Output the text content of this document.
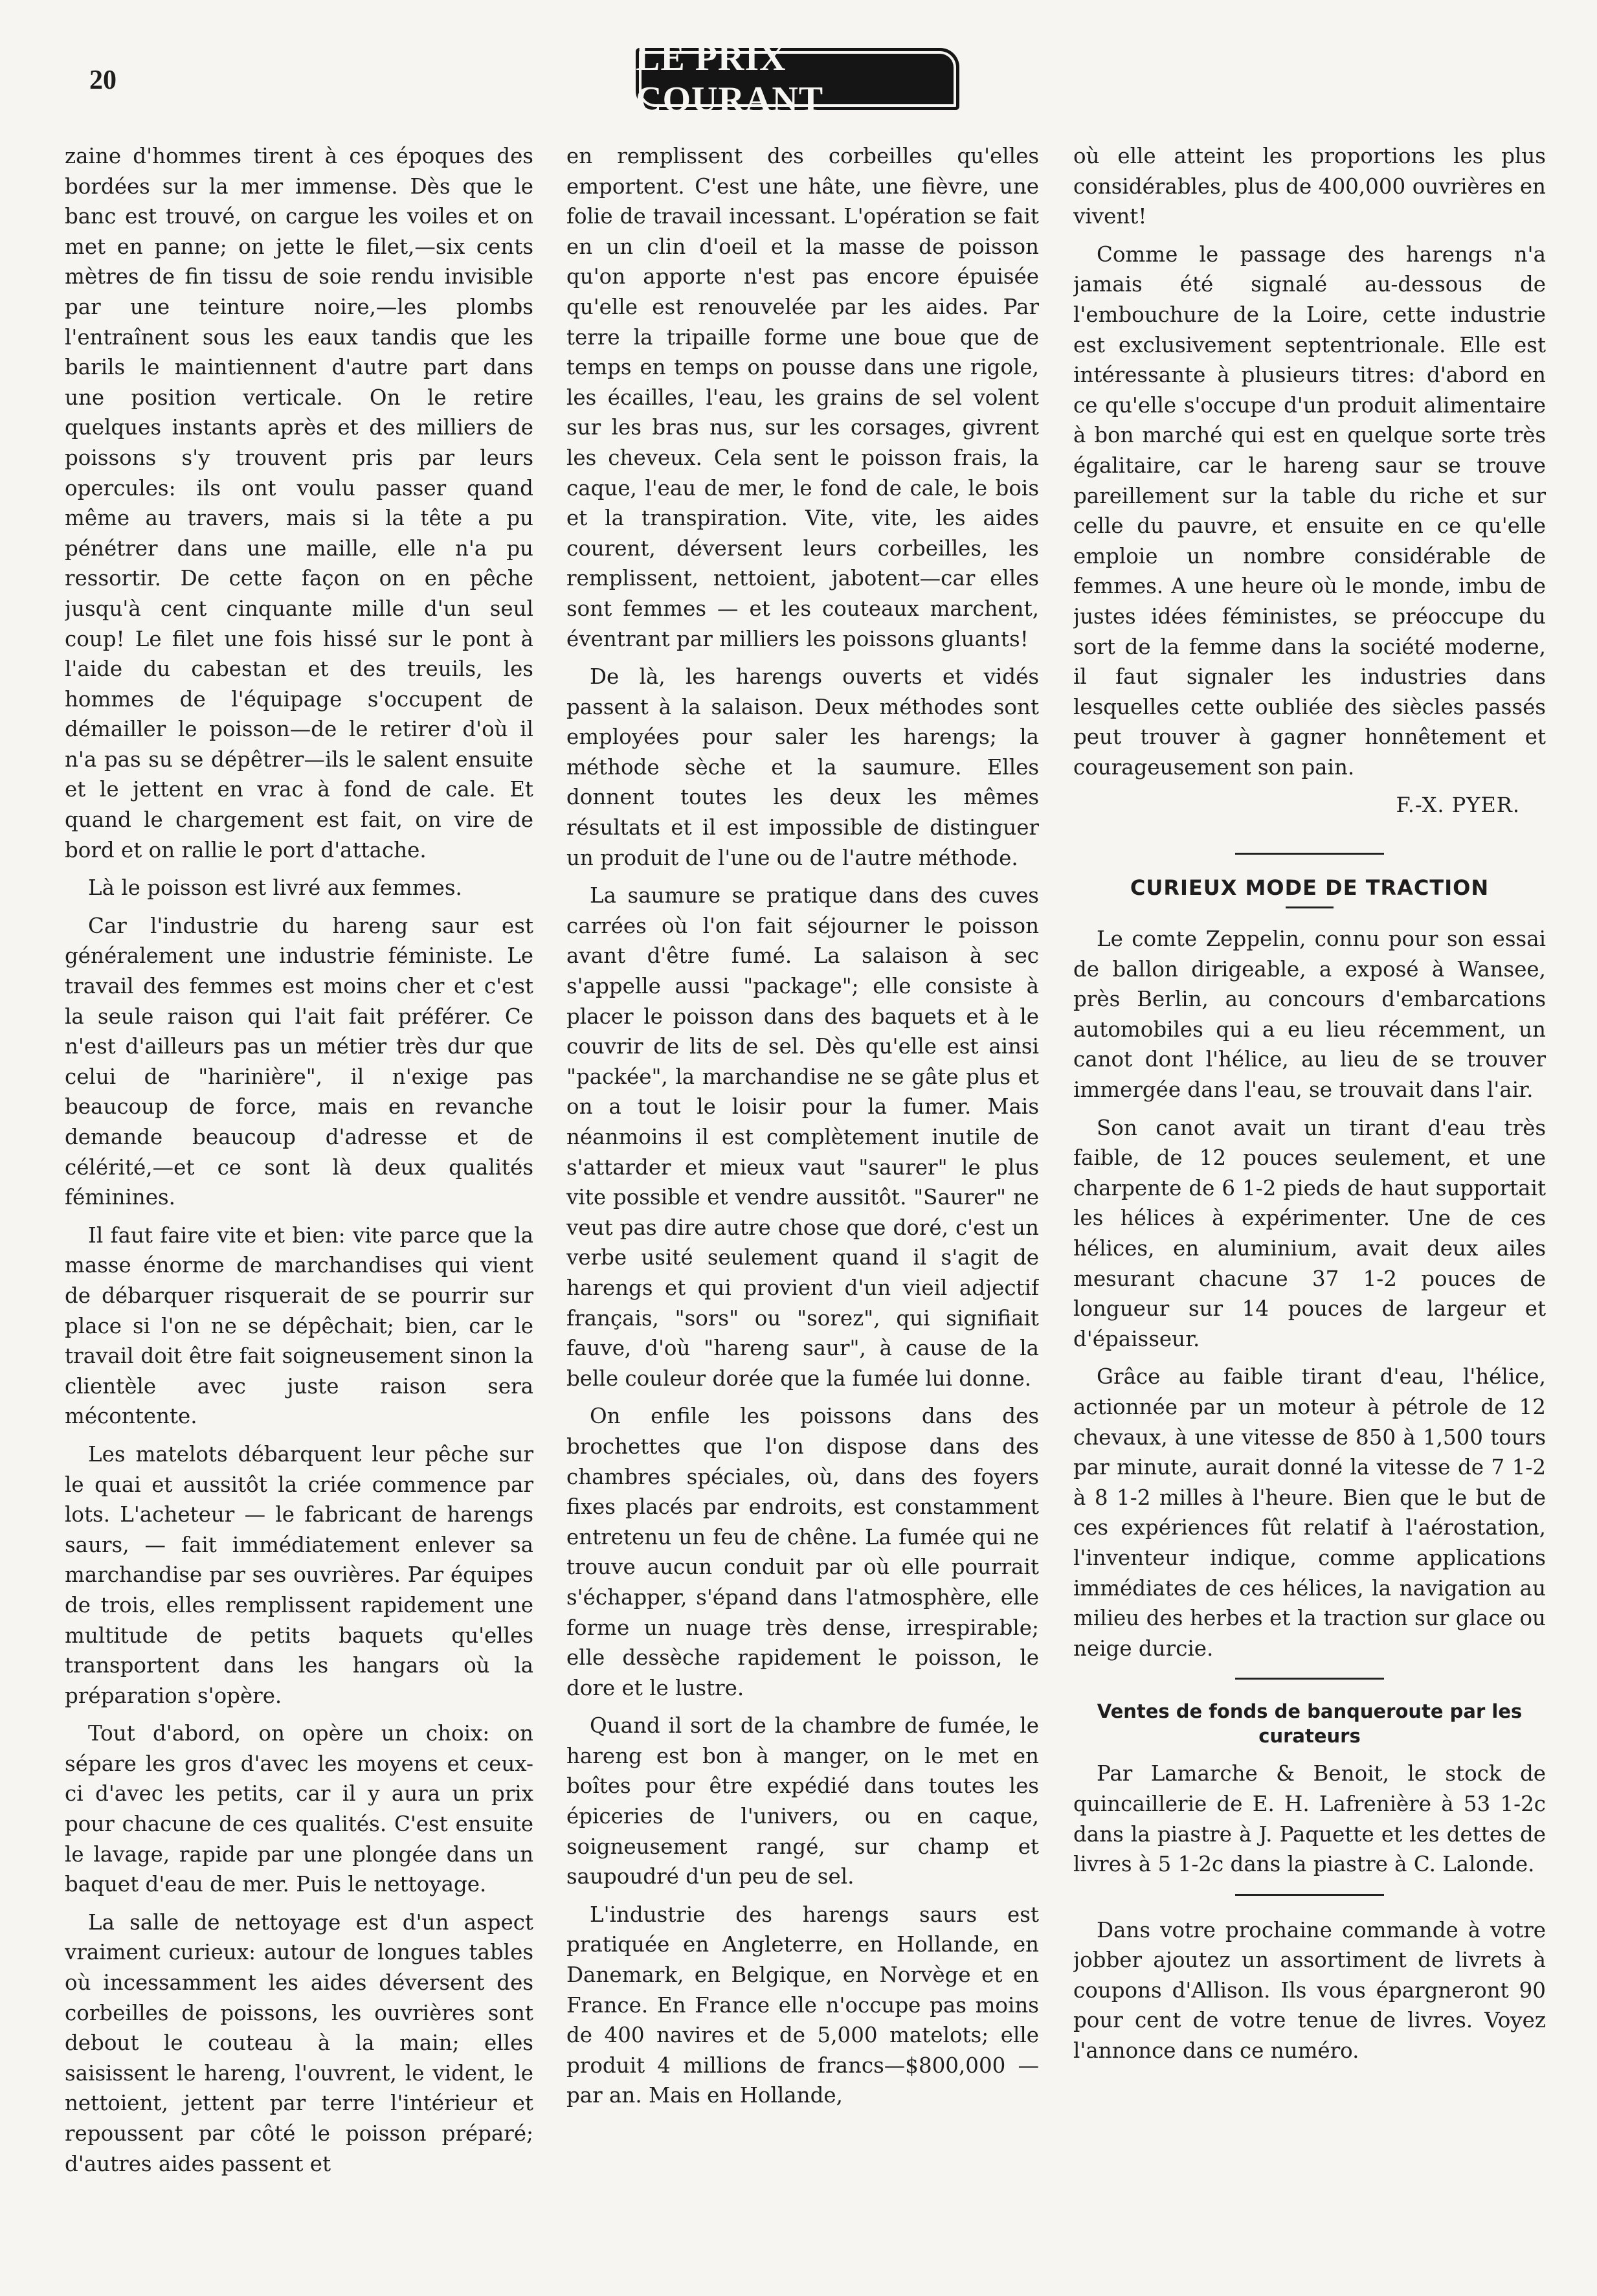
20
LE PRIX COURANT

zaine d'hommes tirent à ces époques des bordées sur la mer immense. Dès que le banc est trouvé, on cargue les voiles et on met en panne; on jette le filet,—six cents mètres de fin tissu de soie rendu invisible par une teinture noire,—les plombs l'entraînent sous les eaux tandis que les barils le maintiennent d'autre part dans une position verticale. On le retire quelques instants après et des milliers de poissons s'y trouvent pris par leurs opercules: ils ont voulu passer quand même au travers, mais si la tête a pu pénétrer dans une maille, elle n'a pu ressortir. De cette façon on en pêche jusqu'à cent cinquante mille d'un seul coup! Le filet une fois hissé sur le pont à l'aide du cabestan et des treuils, les hommes de l'équipage s'occupent de démailler le poisson—de le retirer d'où il n'a pas su se dépêtrer—ils le salent ensuite et le jettent en vrac à fond de cale. Et quand le chargement est fait, on vire de bord et on rallie le port d'attache.

Là le poisson est livré aux femmes.

Car l'industrie du hareng saur est généralement une industrie féministe. Le travail des femmes est moins cher et c'est la seule raison qui l'ait fait préférer. Ce n'est d'ailleurs pas un métier très dur que celui de "harinière", il n'exige pas beaucoup de force, mais en revanche demande beaucoup d'adresse et de célérité,—et ce sont là deux qualités féminines.

Il faut faire vite et bien: vite parce que la masse énorme de marchandises qui vient de débarquer risquerait de se pourrir sur place si l'on ne se dépêchait; bien, car le travail doit être fait soigneusement sinon la clientèle avec juste raison sera mécontente.

Les matelots débarquent leur pêche sur le quai et aussitôt la criée commence par lots. L'acheteur — le fabricant de harengs saurs, — fait immédiatement enlever sa marchandise par ses ouvrières. Par équipes de trois, elles remplissent rapidement une multitude de petits baquets qu'elles transportent dans les hangars où la préparation s'opère.

Tout d'abord, on opère un choix: on sépare les gros d'avec les moyens et ceux-ci d'avec les petits, car il y aura un prix pour chacune de ces qualités. C'est ensuite le lavage, rapide par une plongée dans un baquet d'eau de mer. Puis le nettoyage.

La salle de nettoyage est d'un aspect vraiment curieux: autour de longues tables où incessamment les aides déversent des corbeilles de poissons, les ouvrières sont debout le couteau à la main; elles saisissent le hareng, l'ouvrent, le vident, le nettoient, jettent par terre l'intérieur et repoussent par côté le poisson préparé; d'autres aides passent et

en remplissent des corbeilles qu'elles emportent. C'est une hâte, une fièvre, une folie de travail incessant. L'opération se fait en un clin d'oeil et la masse de poisson qu'on apporte n'est pas encore épuisée qu'elle est renouvelée par les aides. Par terre la tripaille forme une boue que de temps en temps on pousse dans une rigole, les écailles, l'eau, les grains de sel volent sur les bras nus, sur les corsages, givrent les cheveux. Cela sent le poisson frais, la caque, l'eau de mer, le fond de cale, le bois et la transpiration. Vite, vite, les aides courent, déversent leurs corbeilles, les remplissent, nettoient, jabotent—car elles sont femmes — et les couteaux marchent, éventrant par milliers les poissons gluants!

De là, les harengs ouverts et vidés passent à la salaison. Deux méthodes sont employées pour saler les harengs; la méthode sèche et la saumure. Elles donnent toutes les deux les mêmes résultats et il est impossible de distinguer un produit de l'une ou de l'autre méthode.

La saumure se pratique dans des cuves carrées où l'on fait séjourner le poisson avant d'être fumé. La salaison à sec s'appelle aussi "package"; elle consiste à placer le poisson dans des baquets et à le couvrir de lits de sel. Dès qu'elle est ainsi "packée", la marchandise ne se gâte plus et on a tout le loisir pour la fumer. Mais néanmoins il est complètement inutile de s'attarder et mieux vaut "saurer" le plus vite possible et vendre aussitôt. "Saurer" ne veut pas dire autre chose que doré, c'est un verbe usité seulement quand il s'agit de harengs et qui provient d'un vieil adjectif français, "sors" ou "sorez", qui signifiait fauve, d'où "hareng saur", à cause de la belle couleur dorée que la fumée lui donne.

On enfile les poissons dans des brochettes que l'on dispose dans des chambres spéciales, où, dans des foyers fixes placés par endroits, est constamment entretenu un feu de chêne. La fumée qui ne trouve aucun conduit par où elle pourrait s'échapper, s'épand dans l'atmosphère, elle forme un nuage très dense, irrespirable; elle dessèche rapidement le poisson, le dore et le lustre.

Quand il sort de la chambre de fumée, le hareng est bon à manger, on le met en boîtes pour être expédié dans toutes les épiceries de l'univers, ou en caque, soigneusement rangé, sur champ et saupoudré d'un peu de sel.

L'industrie des harengs saurs est pratiquée en Angleterre, en Hollande, en Danemark, en Belgique, en Norvège et en France. En France elle n'occupe pas moins de 400 navires et de 5,000 matelots; elle produit 4 millions de francs—$800,000 — par an. Mais en Hollande,

où elle atteint les proportions les plus considérables, plus de 400,000 ouvrières en vivent!

Comme le passage des harengs n'a jamais été signalé au-dessous de l'embouchure de la Loire, cette industrie est exclusivement septentrionale. Elle est intéressante à plusieurs titres: d'abord en ce qu'elle s'occupe d'un produit alimentaire à bon marché qui est en quelque sorte très égalitaire, car le hareng saur se trouve pareillement sur la table du riche et sur celle du pauvre, et ensuite en ce qu'elle emploie un nombre considérable de femmes. A une heure où le monde, imbu de justes idées féministes, se préoccupe du sort de la femme dans la société moderne, il faut signaler les industries dans lesquelles cette oubliée des siècles passés peut trouver à gagner honnêtement et courageusement son pain.

F.-X. PYER.
CURIEUX MODE DE TRACTION

Le comte Zeppelin, connu pour son essai de ballon dirigeable, a exposé à Wansee, près Berlin, au concours d'embarcations automobiles qui a eu lieu récemment, un canot dont l'hélice, au lieu de se trouver immergée dans l'eau, se trouvait dans l'air.

Son canot avait un tirant d'eau très faible, de 12 pouces seulement, et une charpente de 6 1-2 pieds de haut supportait les hélices à expérimenter. Une de ces hélices, en aluminium, avait deux ailes mesurant chacune 37 1-2 pouces de longueur sur 14 pouces de largeur et d'épaisseur.

Grâce au faible tirant d'eau, l'hélice, actionnée par un moteur à pétrole de 12 chevaux, à une vitesse de 850 à 1,500 tours par minute, aurait donné la vitesse de 7 1-2 à 8 1-2 milles à l'heure. Bien que le but de ces expériences fût relatif à l'aérostation, l'inventeur indique, comme applications immédiates de ces hélices, la navigation au milieu des herbes et la traction sur glace ou neige durcie.

Ventes de fonds de banqueroute par les curateurs

Par Lamarche & Benoit, le stock de quincaillerie de E. H. Lafrenière à 53 1-2c dans la piastre à J. Paquette et les dettes de livres à 5 1-2c dans la piastre à C. Lalonde.

Dans votre prochaine commande à votre jobber ajoutez un assortiment de livrets à coupons d'Allison. Ils vous épargneront 90 pour cent de votre tenue de livres. Voyez l'annonce dans ce numéro.
